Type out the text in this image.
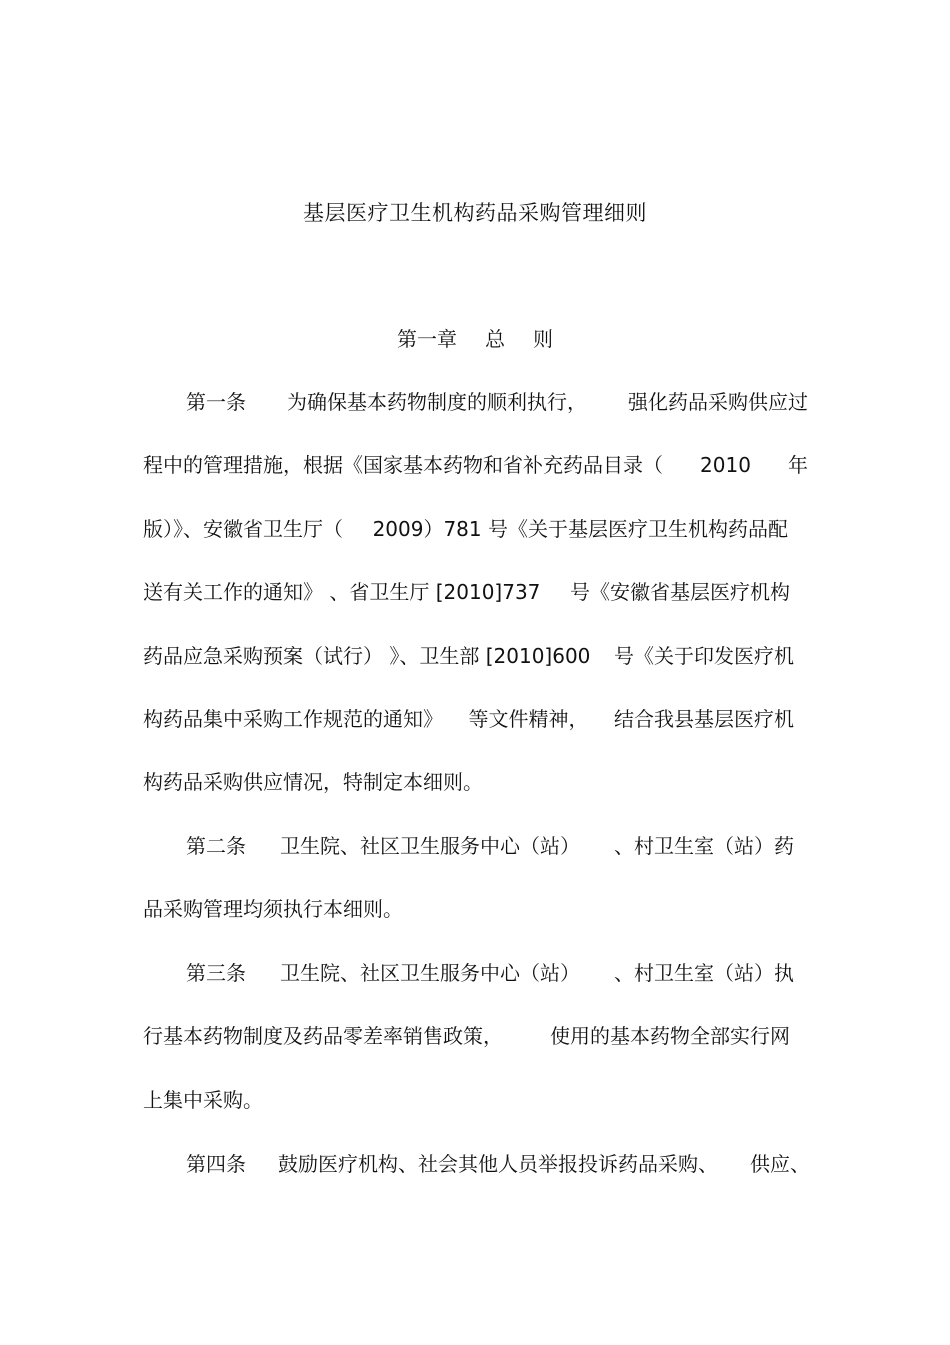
基层医疗卫生机构药品采购管理细则
第一章 总 则
第一条 为确保基本药物制度的顺利执行， 强化药品采购供应过
程中的管理措施，根据《国家基本药物和省补充药品目录（ 2010 年
版）》、安徽省卫生厅（ 2009）781 号《关于基层医疗卫生机构药品配
送有关工作的通知》 、省卫生厅 [2010]737 号《安徽省基层医疗机构
药品应急采购预案（试行） 》、卫生部 [2010]600 号《关于印发医疗机
构药品集中采购工作规范的通知》 等文件精神， 结合我县基层医疗机
构药品采购供应情况，特制定本细则。
第二条 卫生院、社区卫生服务中心（站） 、村卫生室（站）药
品采购管理均须执行本细则。
第三条 卫生院、社区卫生服务中心（站） 、村卫生室（站）执
行基本药物制度及药品零差率销售政策， 使用的基本药物全部实行网
上集中采购。
第四条 鼓励医疗机构、社会其他人员举报投诉药品采购、 供应、
